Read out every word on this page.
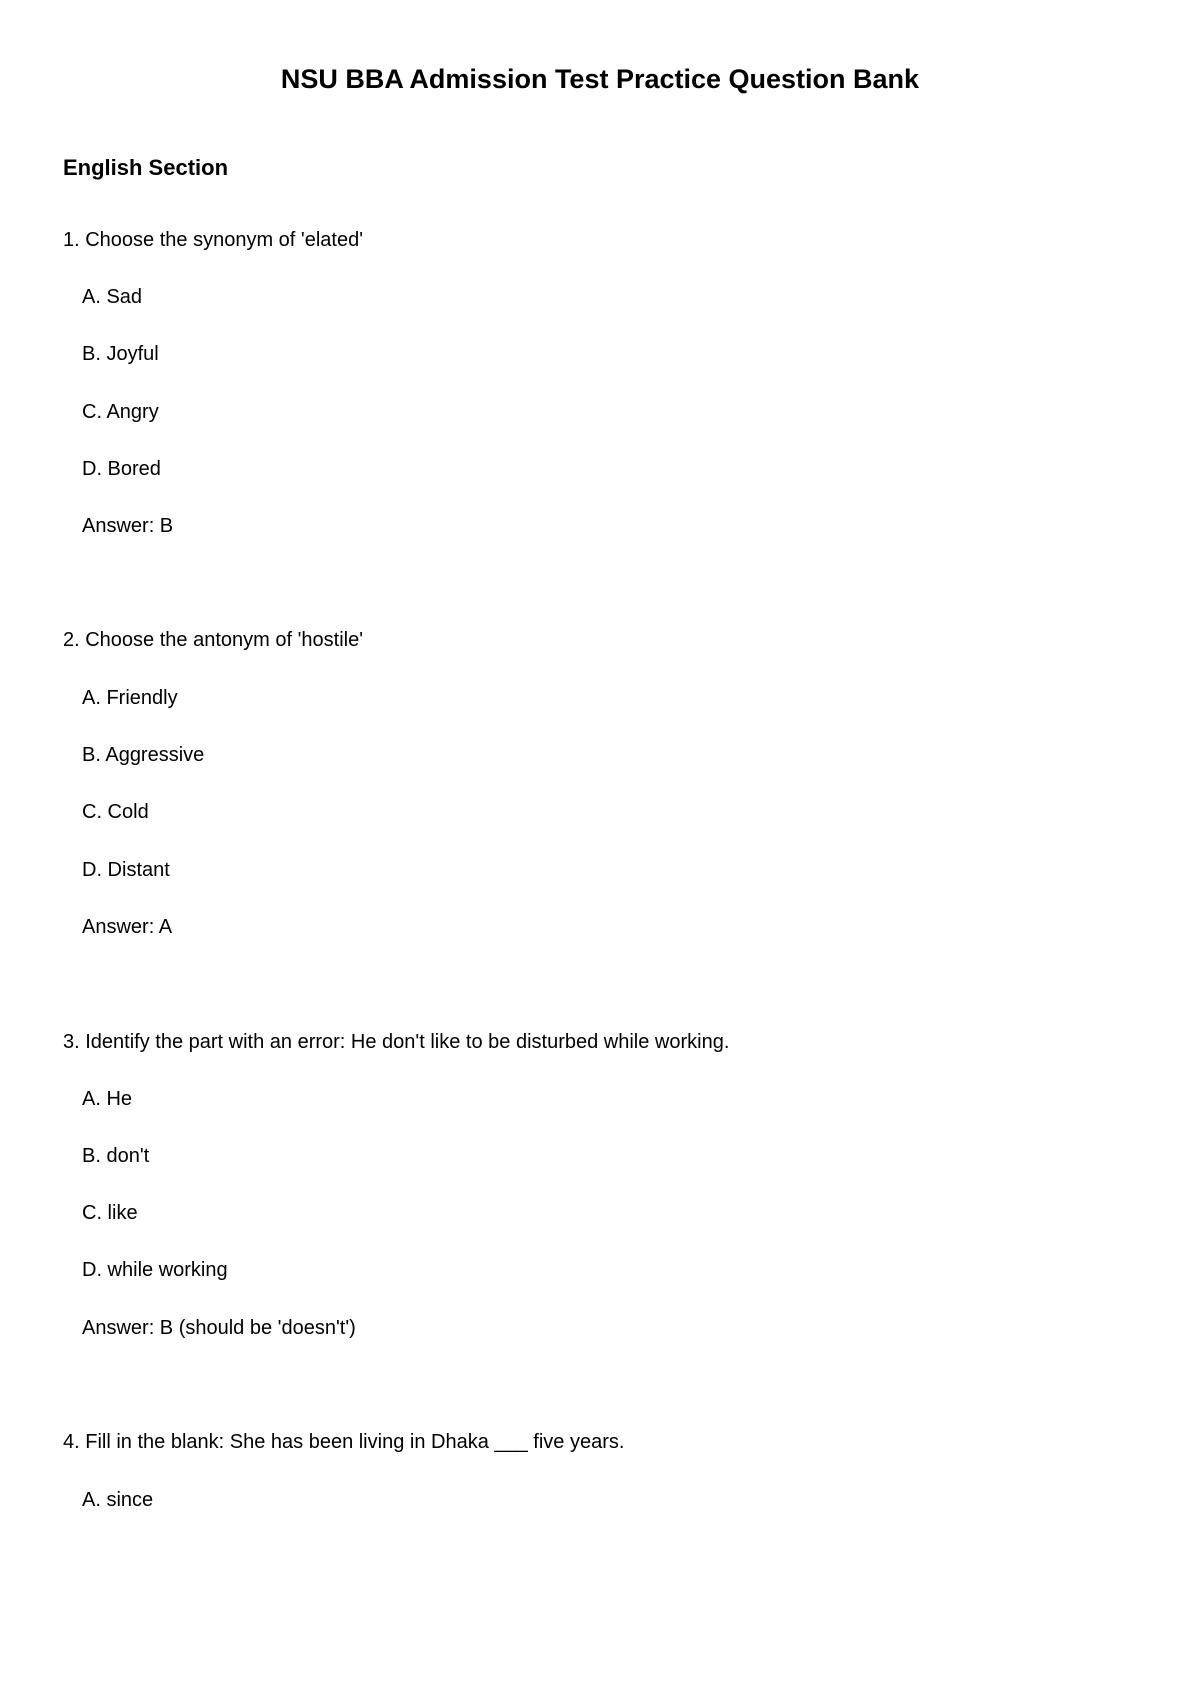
NSU BBA Admission Test Practice Question Bank
English Section
1. Choose the synonym of 'elated'
A. Sad
B. Joyful
C. Angry
D. Bored
Answer: B
2. Choose the antonym of 'hostile'
A. Friendly
B. Aggressive
C. Cold
D. Distant
Answer: A
3. Identify the part with an error: He don't like to be disturbed while working.
A. He
B. don't
C. like
D. while working
Answer: B (should be 'doesn't')
4. Fill in the blank: She has been living in Dhaka ___ five years.
A. since
